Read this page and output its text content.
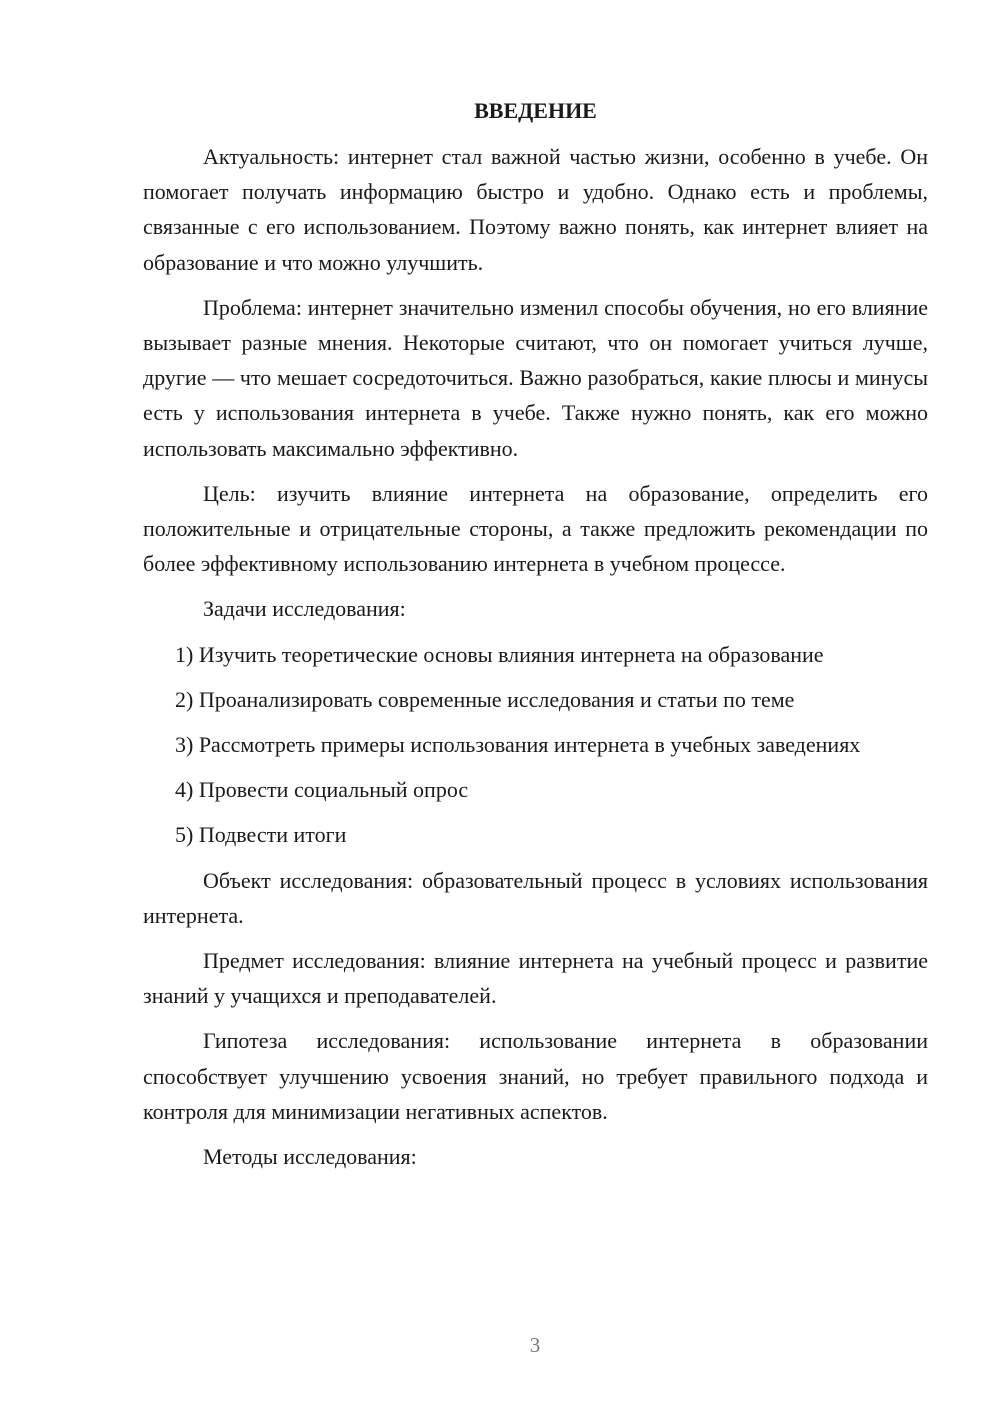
ВВЕДЕНИЕ

Актуальность: интернет стал важной частью жизни, особенно в учебе. Он помогает получать информацию быстро и удобно. Однако есть и проблемы, связанные с его использованием. Поэтому важно понять, как интернет влияет на образование и что можно улучшить.

Проблема: интернет значительно изменил способы обучения, но его влияние вызывает разные мнения. Некоторые считают, что он помогает учиться лучше, другие — что мешает сосредоточиться. Важно разобраться, какие плюсы и минусы есть у использования интернета в учебе. Также нужно понять, как его можно использовать максимально эффективно.

Цель: изучить влияние интернета на образование, определить его положительные и отрицательные стороны, а также предложить рекомендации по более эффективному использованию интернета в учебном процессе.

Задачи исследования:

1) Изучить теоретические основы влияния интернета на образование

2) Проанализировать современные исследования и статьи по теме

3) Рассмотреть примеры использования интернета в учебных заведениях

4) Провести социальный опрос

5) Подвести итоги

Объект исследования: образовательный процесс в условиях использования интернета.

Предмет исследования: влияние интернета на учебный процесс и развитие знаний у учащихся и преподавателей.

Гипотеза исследования: использование интернета в образовании способствует улучшению усвоения знаний, но требует правильного подхода и контроля для минимизации негативных аспектов.

Методы исследования:

3
